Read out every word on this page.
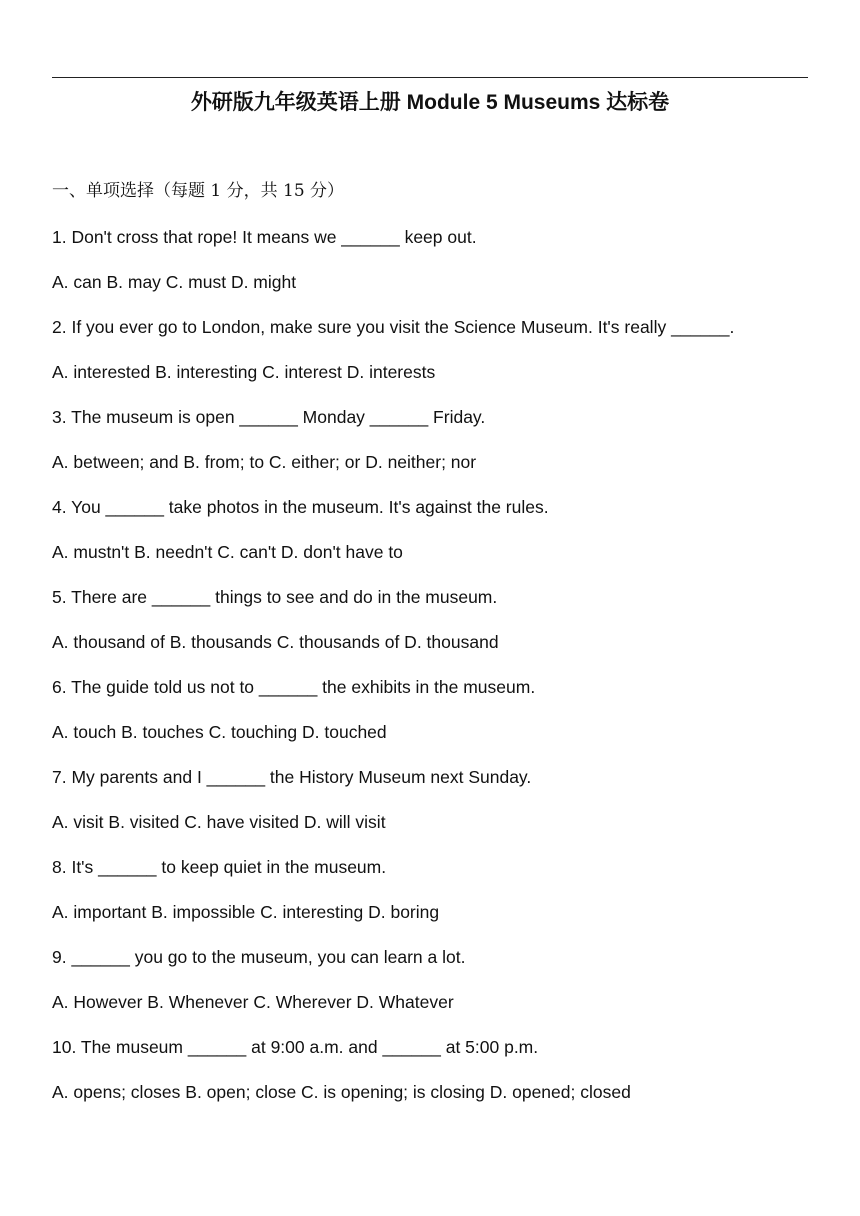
外研版九年级英语上册 Module 5 Museums 达标卷
一、单项选择（每题 1 分，共 15 分）
1. Don't cross that rope! It means we ______ keep out.
A. can B. may C. must D. might
2. If you ever go to London, make sure you visit the Science Museum. It's really ______.
A. interested B. interesting C. interest D. interests
3. The museum is open ______ Monday ______ Friday.
A. between; and B. from; to C. either; or D. neither; nor
4. You ______ take photos in the museum. It's against the rules.
A. mustn't B. needn't C. can't D. don't have to
5. There are ______ things to see and do in the museum.
A. thousand of B. thousands C. thousands of D. thousand
6. The guide told us not to ______ the exhibits in the museum.
A. touch B. touches C. touching D. touched
7. My parents and I ______ the History Museum next Sunday.
A. visit B. visited C. have visited D. will visit
8. It's ______ to keep quiet in the museum.
A. important B. impossible C. interesting D. boring
9. ______ you go to the museum, you can learn a lot.
A. However B. Whenever C. Wherever D. Whatever
10. The museum ______ at 9:00 a.m. and ______ at 5:00 p.m.
A. opens; closes B. open; close C. is opening; is closing D. opened; closed
